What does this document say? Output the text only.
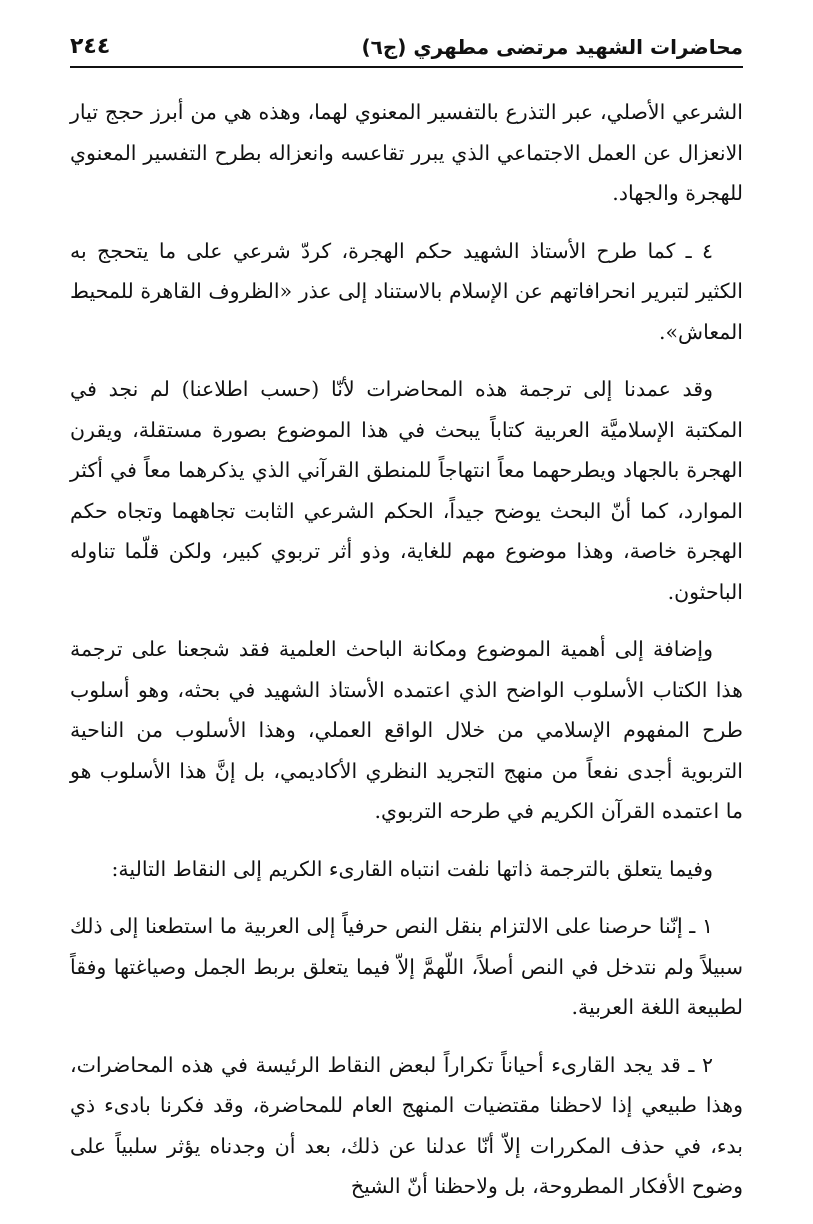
محاضرات الشهيد مرتضى مطهري (ج٦)
٢٤٤

الشرعي الأصلي، عبر التذرع بالتفسير المعنوي لهما، وهذه هي من أبرز حجج تيار الانعزال عن العمل الاجتماعي الذي يبرر تقاعسه وانعزاله بطرح التفسير المعنوي للهجرة والجهاد.

٤ ـ كما طرح الأستاذ الشهيد حكم الهجرة، كردّ شرعي على ما يتحجج به الكثير لتبرير انحرافاتهم عن الإسلام بالاستناد إلى عذر «الظروف القاهرة للمحيط المعاش».

وقد عمدنا إلى ترجمة هذه المحاضرات لأنّا (حسب اطلاعنا) لم نجد في المكتبة الإسلاميَّة العربية كتاباً يبحث في هذا الموضوع بصورة مستقلة، ويقرن الهجرة بالجهاد ويطرحهما معاً انتهاجاً للمنطق القرآني الذي يذكرهما معاً في أكثر الموارد، كما أنّ البحث يوضح جيداً، الحكم الشرعي الثابت تجاههما وتجاه حكم الهجرة خاصة، وهذا موضوع مهم للغاية، وذو أثر تربوي كبير، ولكن قلّما تناوله الباحثون.

وإضافة إلى أهمية الموضوع ومكانة الباحث العلمية فقد شجعنا على ترجمة هذا الكتاب الأسلوب الواضح الذي اعتمده الأستاذ الشهيد في بحثه، وهو أسلوب طرح المفهوم الإسلامي من خلال الواقع العملي، وهذا الأسلوب من الناحية التربوية أجدى نفعاً من منهج التجريد النظري الأكاديمي، بل إنَّ هذا الأسلوب هو ما اعتمده القرآن الكريم في طرحه التربوي.

وفيما يتعلق بالترجمة ذاتها نلفت انتباه القارىء الكريم إلى النقاط التالية:

١ ـ إنّنا حرصنا على الالتزام بنقل النص حرفياً إلى العربية ما استطعنا إلى ذلك سبيلاً ولم نتدخل في النص أصلاً، اللّهمَّ إلاّ فيما يتعلق بربط الجمل وصياغتها وفقاً لطبيعة اللغة العربية.

٢ ـ قد يجد القارىء أحياناً تكراراً لبعض النقاط الرئيسة في هذه المحاضرات، وهذا طبيعي إذا لاحظنا مقتضيات المنهج العام للمحاضرة، وقد فكرنا بادىء ذي بدء، في حذف المكررات إلاّ أنّا عدلنا عن ذلك، بعد أن وجدناه يؤثر سلبياً على وضوح الأفكار المطروحة، بل ولاحظنا أنّ الشيخ
